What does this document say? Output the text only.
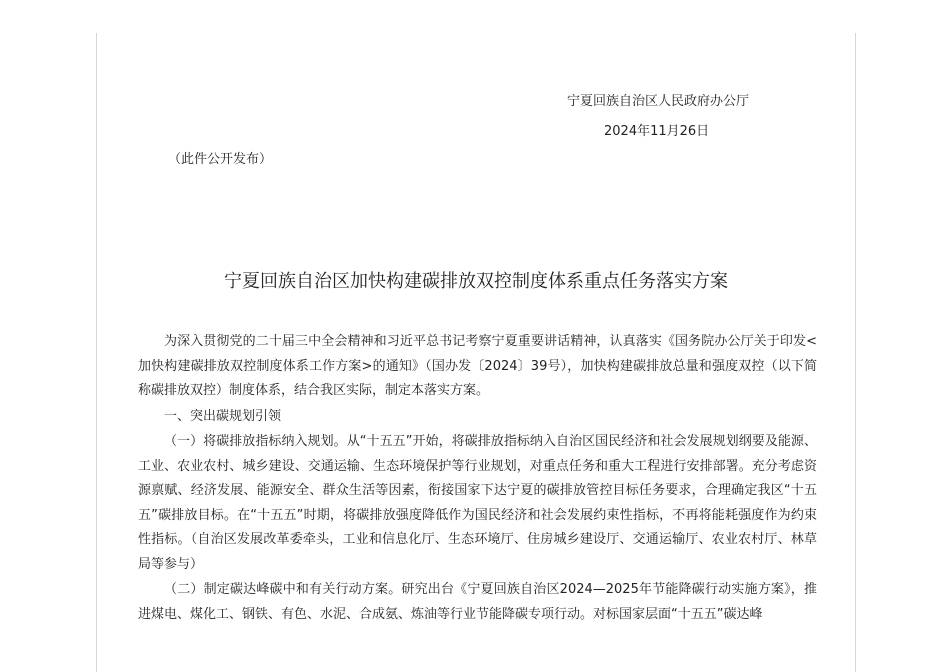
宁夏回族自治区人民政府办公厅
2024年11月26日
（此件公开发布）
宁夏回族自治区加快构建碳排放双控制度体系重点任务落实方案

为深入贯彻党的二十届三中全会精神和习近平总书记考察宁夏重要讲话精神，认真落实《国务院办公厅关于印发<加快构建碳排放双控制度体系工作方案>的通知》（国办发〔2024〕39号），加快构建碳排放总量和强度双控（以下简称碳排放双控）制度体系，结合我区实际，制定本落实方案。

一、突出碳规划引领

（一）将碳排放指标纳入规划。从“十五五”开始，将碳排放指标纳入自治区国民经济和社会发展规划纲要及能源、工业、农业农村、城乡建设、交通运输、生态环境保护等行业规划，对重点任务和重大工程进行安排部署。充分考虑资源禀赋、经济发展、能源安全、群众生活等因素，衔接国家下达宁夏的碳排放管控目标任务要求，合理确定我区“十五五”碳排放目标。在“十五五”时期，将碳排放强度降低作为国民经济和社会发展约束性指标，不再将能耗强度作为约束性指标。（自治区发展改革委牵头，工业和信息化厅、生态环境厅、住房城乡建设厅、交通运输厅、农业农村厅、林草局等参与）

（二）制定碳达峰碳中和有关行动方案。研究出台《宁夏回族自治区2024—2025年节能降碳行动实施方案》，推进煤电、煤化工、钢铁、有色、水泥、合成氨、炼油等行业节能降碳专项行动。对标国家层面“十五五”碳达峰
